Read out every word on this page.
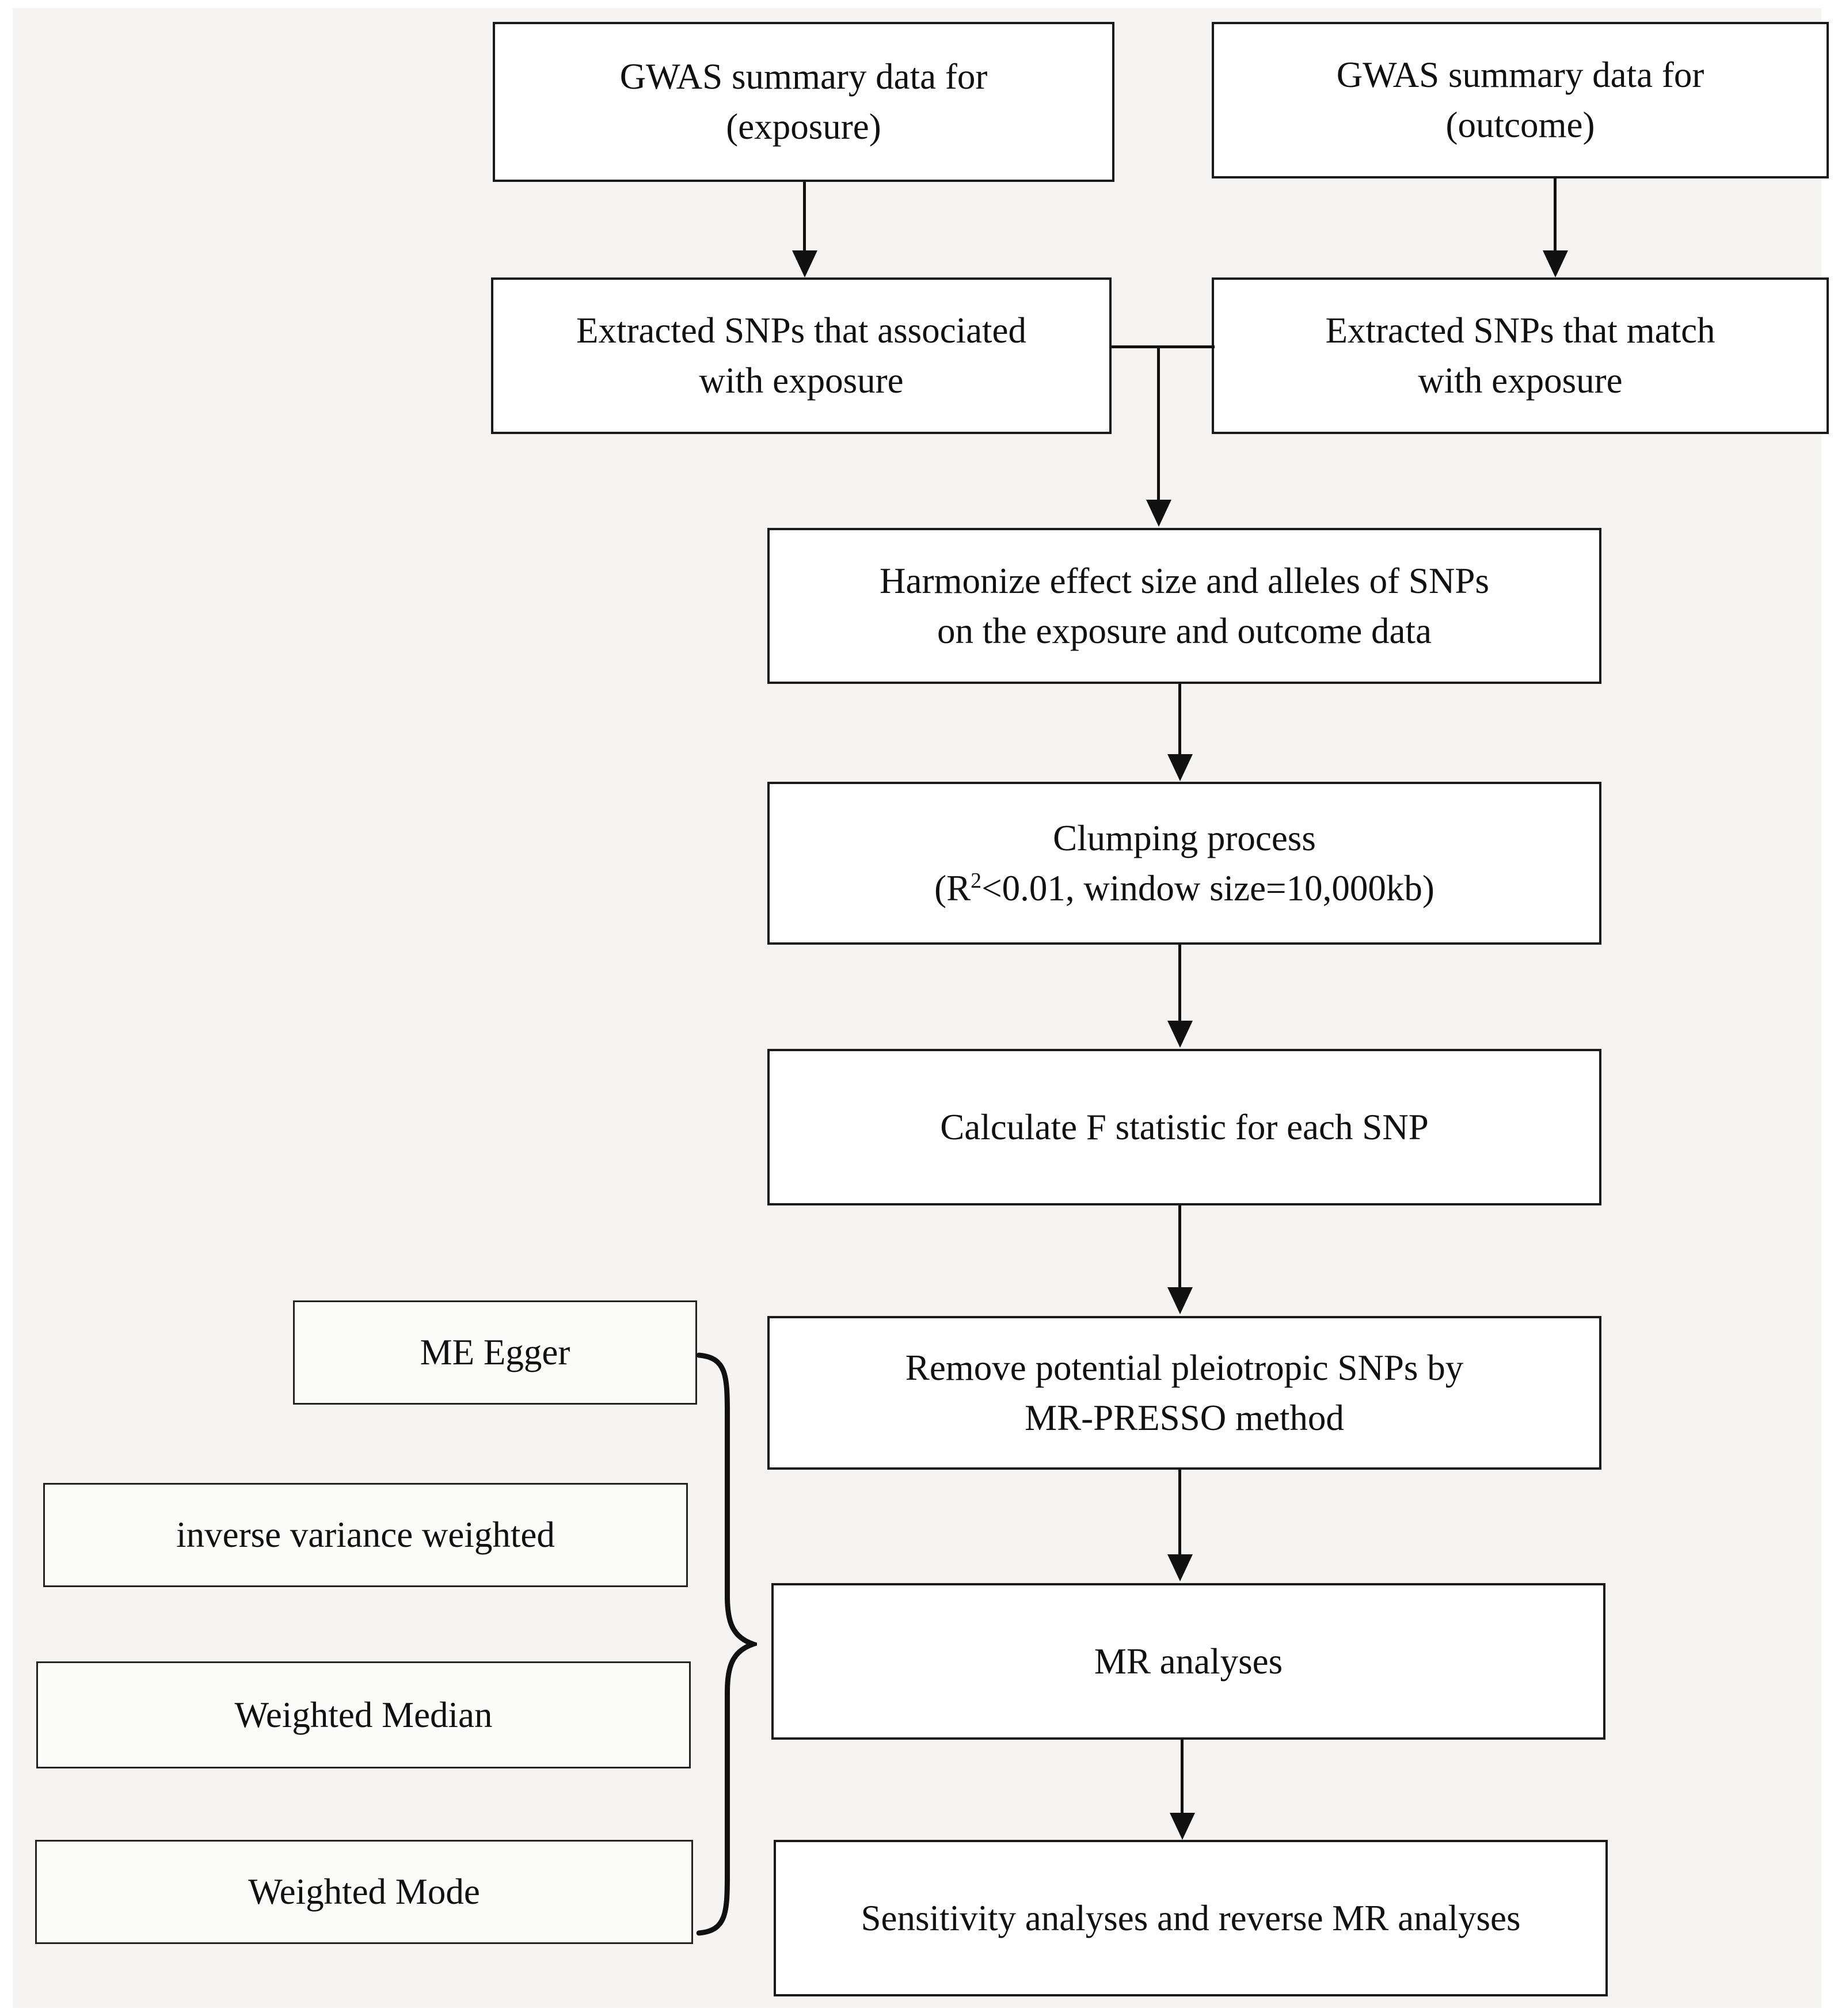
GWAS summary data for
(exposure)
GWAS summary data for
(outcome)
Extracted SNPs that associated
with exposure
Extracted SNPs that match
with exposure
Harmonize effect size and alleles of SNPs
on the exposure and outcome data
Clumping process
($R^2<0.01$, window size=10,000kb)
Calculate F statistic for each SNP
Remove potential pleiotropic SNPs by
MR-PRESSO method
MR analyses
Sensitivity analyses and reverse MR analyses
ME Egger
inverse variance weighted
Weighted Median
Weighted Mode
